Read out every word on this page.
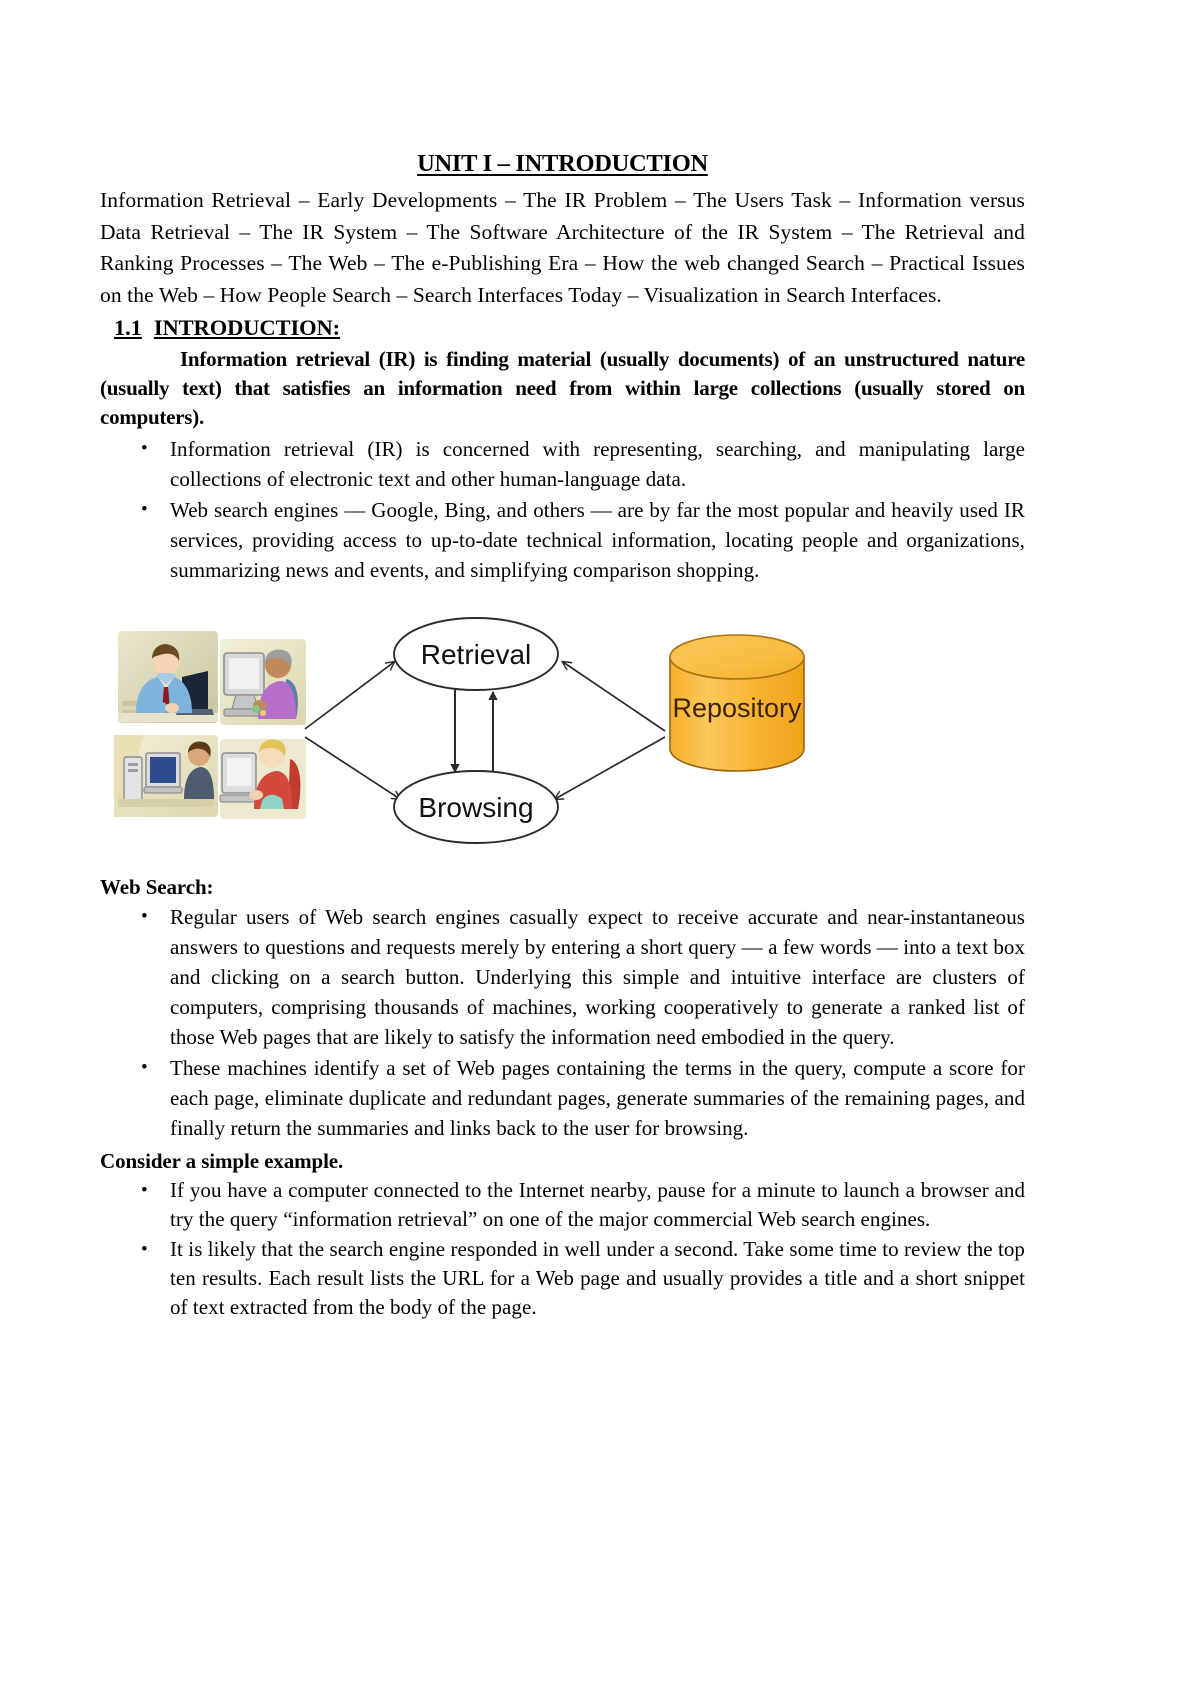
UNIT I – INTRODUCTION

Information Retrieval – Early Developments – The IR Problem – The Users Task – Information versus Data Retrieval – The IR System – The Software Architecture of the IR System – The Retrieval and Ranking Processes – The Web – The e-Publishing Era – How the web changed Search – Practical Issues on the Web – How People Search – Search Interfaces Today – Visualization in Search Interfaces.

1.1 INTRODUCTION:

Information retrieval (IR) is finding material (usually documents) of an unstructured nature (usually text) that satisfies an information need from within large collections (usually stored on computers).

• Information retrieval (IR) is concerned with representing, searching, and manipulating large collections of electronic text and other human-language data.
• Web search engines — Google, Bing, and others — are by far the most popular and heavily used IR services, providing access to up-to-date technical information, locating people and organizations, summarizing news and events, and simplifying comparison shopping.
Retrieval
Browsing
Repository
Web Search:
• Regular users of Web search engines casually expect to receive accurate and near-instantaneous answers to questions and requests merely by entering a short query — a few words — into a text box and clicking on a search button. Underlying this simple and intuitive interface are clusters of computers, comprising thousands of machines, working cooperatively to generate a ranked list of those Web pages that are likely to satisfy the information need embodied in the query.
• These machines identify a set of Web pages containing the terms in the query, compute a score for each page, eliminate duplicate and redundant pages, generate summaries of the remaining pages, and finally return the summaries and links back to the user for browsing.
Consider a simple example.
• If you have a computer connected to the Internet nearby, pause for a minute to launch a browser and try the query “information retrieval” on one of the major commercial Web search engines.
• It is likely that the search engine responded in well under a second. Take some time to review the top ten results. Each result lists the URL for a Web page and usually provides a title and a short snippet of text extracted from the body of the page.
